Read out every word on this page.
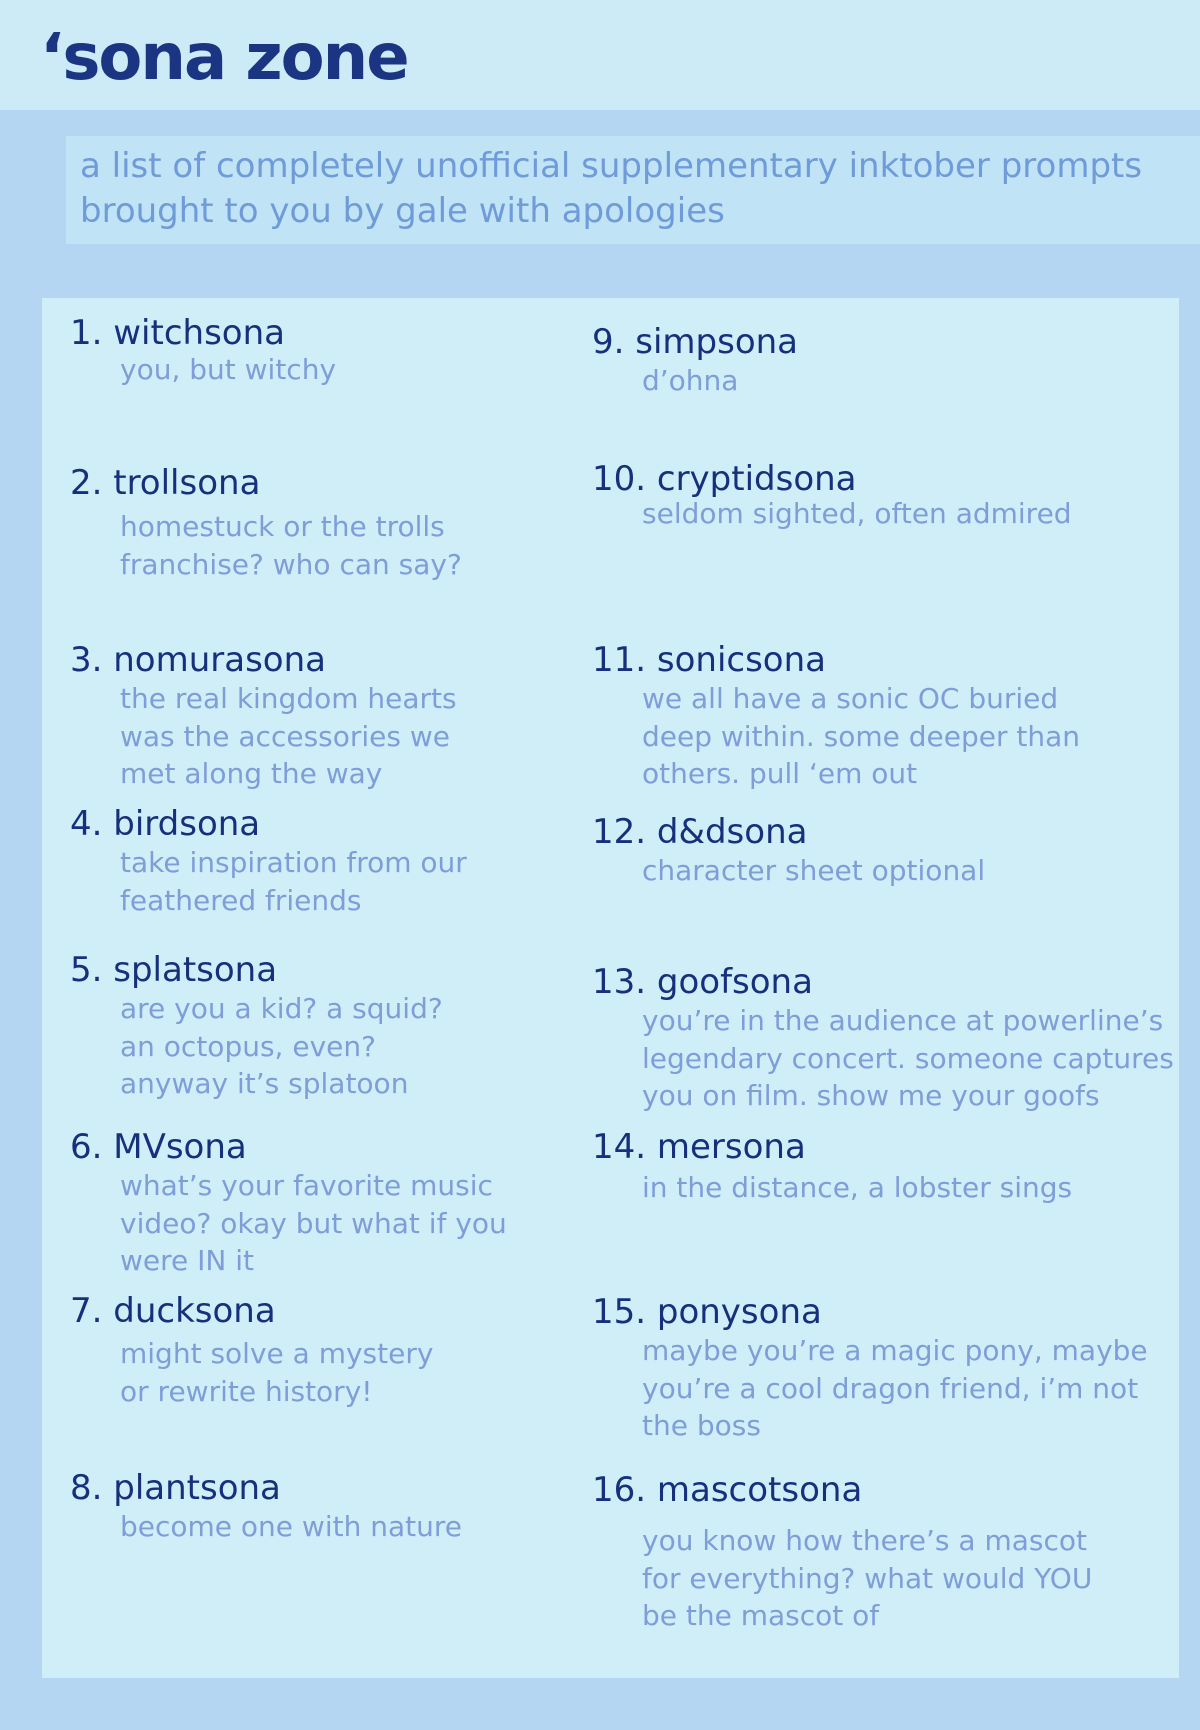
‘sona zone
a list of completely unofficial supplementary inktober prompts
brought to you by gale with apologies
1. witchsona
you, but witchy
2. trollsona
homestuck or the trolls
franchise? who can say?
3. nomurasona
the real kingdom hearts
was the accessories we
met along the way
4. birdsona
take inspiration from our
feathered friends
5. splatsona
are you a kid? a squid?
an octopus, even?
anyway it’s splatoon
6. MVsona
what’s your favorite music
video? okay but what if you
were IN it
7. ducksona
might solve a mystery
or rewrite history!
8. plantsona
become one with nature
9. simpsona
d’ohna
10. cryptidsona
seldom sighted, often admired
11. sonicsona
we all have a sonic OC buried
deep within. some deeper than
others. pull ‘em out
12. d&dsona
character sheet optional
13. goofsona
you’re in the audience at powerline’s
legendary concert. someone captures
you on film. show me your goofs
14. mersona
in the distance, a lobster sings
15. ponysona
maybe you’re a magic pony, maybe
you’re a cool dragon friend, i’m not
the boss
16. mascotsona
you know how there’s a mascot
for everything? what would YOU
be the mascot of
